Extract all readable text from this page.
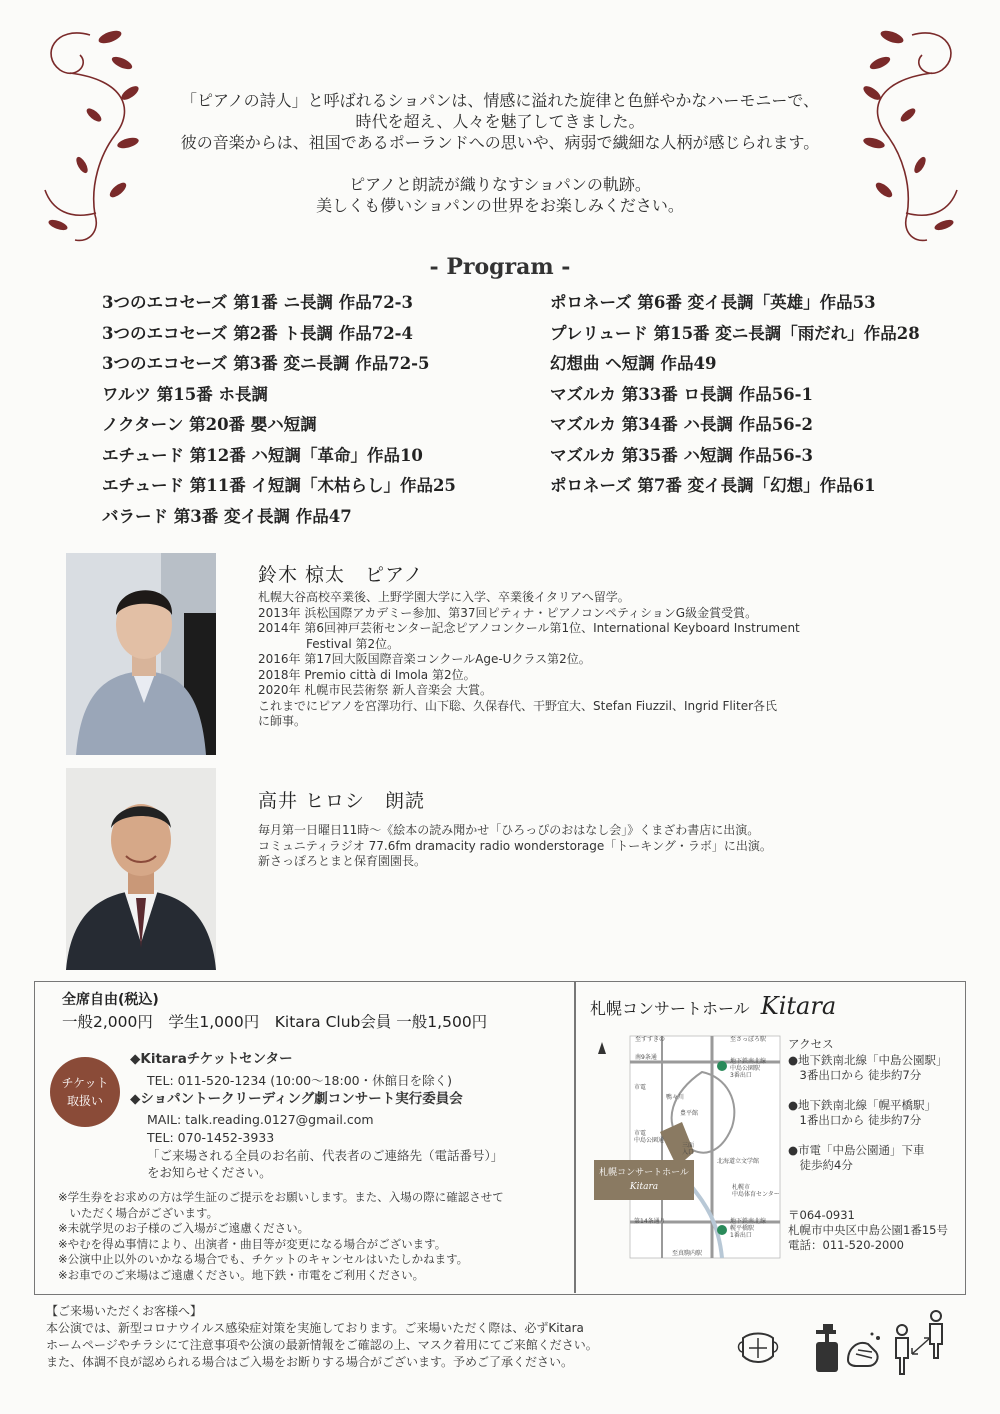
「ピアノの詩人」と呼ばれるショパンは、情感に溢れた旋律と色鮮やかなハーモニーで、
時代を超え、人々を魅了してきました。
彼の音楽からは、祖国であるポーランドへの思いや、病弱で繊細な人柄が感じられます。
ピアノと朗読が織りなすショパンの軌跡。
美しくも儚いショパンの世界をお楽しみください。
- Program -
3つのエコセーズ 第1番 ニ長調 作品72-3
3つのエコセーズ 第2番 ト長調 作品72-4
3つのエコセーズ 第3番 変ニ長調 作品72-5
ワルツ 第15番 ホ長調
ノクターン 第20番 嬰ハ短調
エチュード 第12番 ハ短調「革命」作品10
エチュード 第11番 イ短調「木枯らし」作品25
バラード 第3番 変イ長調 作品47
ポロネーズ 第6番 変イ長調「英雄」作品53
プレリュード 第15番 変ニ長調「雨だれ」作品28
幻想曲 ヘ短調 作品49
マズルカ 第33番 ロ長調 作品56-1
マズルカ 第34番 ハ長調 作品56-2
マズルカ 第35番 ハ短調 作品56-3
ポロネーズ 第7番 変イ長調「幻想」作品61
鈴木 椋太　ピアノ
札幌大谷高校卒業後、上野学園大学に入学、卒業後イタリアへ留学。
2013年 浜松国際アカデミー参加、第37回ピティナ・ピアノコンペティションG級金賞受賞。
2014年 第6回神戸芸術センター記念ピアノコンクール第1位、International Keyboard Instrument
　　　　Festival 第2位。
2016年 第17回大阪国際音楽コンクールAge-Uクラス第2位。
2018年 Premio città di Imola 第2位。
2020年 札幌市民芸術祭 新人音楽会 大賞。
これまでにピアノを宮澤功行、山下聡、久保春代、干野宜大、Stefan Fiuzzil、Ingrid Fliter各氏
に師事。
高井 ヒロシ　朗読
毎月第一日曜日11時～《絵本の読み聞かせ「ひろっぴのおはなし会」》くまざわ書店に出演。
コミュニティラジオ 77.6fm dramacity radio wonderstorage「トーキング・ラボ」に出演。
新さっぽろとまと保育園園長。
全席自由(税込)
一般2,000円　学生1,000円　Kitara Club会員 一般1,500円
チケット
取扱い
◆Kitaraチケットセンター
TEL: 011-520-1234 (10:00～18:00・休館日を除く)
◆ショパントークリーディング劇コンサート実行委員会
MAIL: talk.reading.0127@gmail.com
TEL: 070-1452-3933
「ご来場される全員のお名前、代表者のご連絡先（電話番号）」
をお知らせください。
※学生券をお求めの方は学生証のご提示をお願いします。また、入場の際に確認させて
　いただく場合がございます。
※未就学児のお子様のご入場がご遠慮ください。
※やむを得ぬ事情により、出演者・曲目等が変更になる場合がございます。
※公演中止以外のいかなる場合でも、チケットのキャンセルはいたしかねます。
※お車でのご来場はご遠慮ください。地下鉄・市電をご利用ください。
札幌コンサートホール Kitara
至すすきの
南9条通
至さっぽろ駅
地下鉄南北線
中島公園駅
3番出口
市電
鴨々川
豊平館
市電
中島公園通
三面
入口
北海道立文学館
札幌市
中島体育センター
第14条通り	地下鉄南北線
幌平橋駅
1番出口
至真駒内駅
札幌コンサートホール
Kitara
アクセス
●地下鉄南北線「中島公園駅」
　3番出口から 徒歩約7分
●地下鉄南北線「幌平橋駅」
　1番出口から 徒歩約7分
●市電「中島公園通」下車
　徒歩約4分
〒064-0931
札幌市中央区中島公園1番15号
電話：011-520-2000
【ご来場いただくお客様へ】
本公演では、新型コロナウイルス感染症対策を実施しております。ご来場いただく際は、必ずKitara
ホームページやチラシにて注意事項や公演の最新情報をご確認の上、マスク着用にてご来館ください。
また、体調不良が認められる場合はご入場をお断りする場合がございます。予めご了承ください。
